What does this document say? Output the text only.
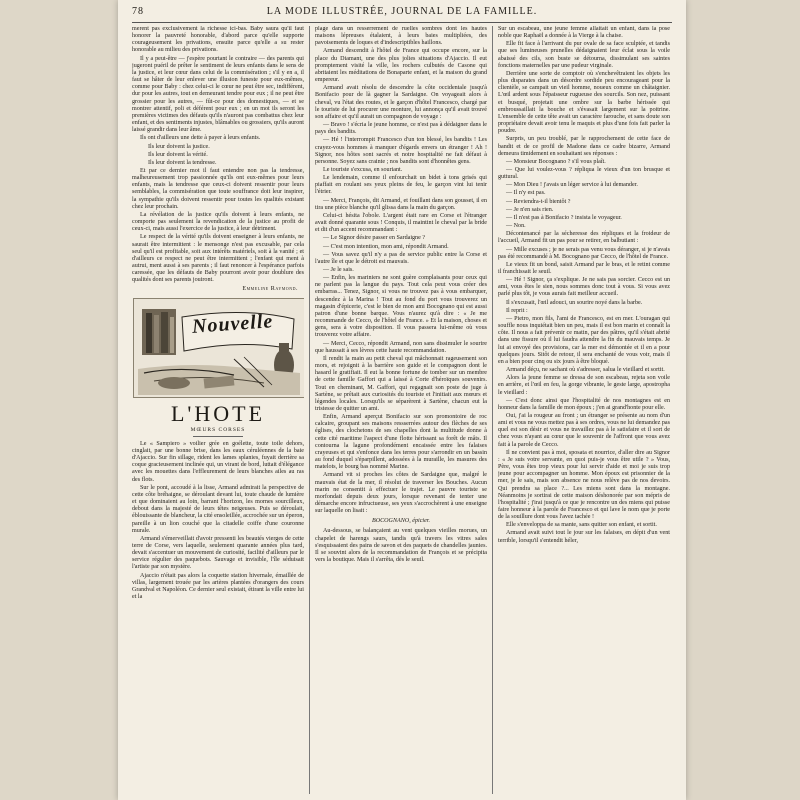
78	LA MODE ILLUSTRÉE, JOURNAL DE LA FAMILLE.

merent pas exclusivement la richesse ici-bas. Baby saura qu'il faut honorer la pauvreté honorable, d'abord parce qu'elle supporte courageusement les privations, ensuite parce qu'elle a su rester honorable au milieu des privations.

Il y a peut-être — j'espère pourtant le contraire — des parents qui jugeront puéril de prêter le sentiment de leurs enfants dans le sens de la justice, et leur cœur dans celui de la commisération ; s'il y en a, il faut se hâter de leur enlever une illusion funeste pour eux-mêmes, comme pour Baby : chez celui-ci le cœur ne peut être sec, indifférent, dur pour les autres, tout en demeurant tendre pour eux ; il ne peut être grossier pour les autres, — fût-ce pour des domestiques, — et se montrer attentif, poli et déférent pour eux ; en un mot ils seront les premières victimes des défauts qu'ils n'auront pas combattus chez leur enfant, et des sentiments injustes, blâmables ou grossiers, qu'ils auront laissé grandir dans leur âme.

Ils ont d'ailleurs une dette à payer à leurs enfants.

Ils leur doivent la justice.

Ils leur doivent la vérité.

Ils leur doivent la tendresse.

Et par ce dernier mot il faut entendre non pas la tendresse, malheureusement trop passionnée qu'ils ont eux-mêmes pour leurs enfants, mais la tendresse que ceux-ci doivent ressentir pour leurs semblables, la commisération que toute souffrance doit leur inspirer, la sympathie qu'ils doivent ressentir pour toutes les qualités existant chez leur prochain.

La révélation de la justice qu'ils doivent à leurs enfants, ne comporte pas seulement la revendication de la justice au profit de ceux-ci, mais aussi l'exercice de la justice, à leur détriment.

Le respect de la vérité qu'ils doivent enseigner à leurs enfants, ne saurait être intermittent : le mensonge n'est pas excusable, par cela seul qu'il est profitable, soit aux intérêts matériels, soit à la vanité ; et d'ailleurs ce respect ne peut être intermittent ; l'enfant qui ment à autrui, ment aussi à ses parents ; il faut renoncer à l'espérance parfois caressée, que les défauts de Baby pourront avoir pour doublure des qualités dont ses parents jouiront.

Emmeline Raymond.
Nouvelle
L'HOTE
MŒURS CORSES

Le « Sampiero » voilier grée en goélette, toute toile dehors, cinglait, par une bonne brise, dans les eaux céruléennes de la baie d'Ajaccio. Sur fin sillage, rident les lames splanies, fuyait derrière sa coque gracieusement inclinée qui, un virant de bord, luttait d'élégance avec les mouettes dans l'effleurement de leurs blanches ailes au ras des flots.

Sur le pont, accoudé à la lisse, Armand admirait la perspective de cette côte bréhaigne, se déroulant devant lui, toute chaude de lumière et que dominaient au loin, barrant l'horizon, les mornes sourcilleux, debout dans la majesté de leurs têtes neigeuses. Puis se déroulait, éblouissante de blancheur, la cité ensoleillée, accrochée sur un éperon, pareille à un lion couché que la citadelle coiffe d'une couronne murale.

Armand s'émerveillait d'avoir pressenti les beautés vierges de cette terre de Corse, vers laquelle, seulement quarante années plus tard, devait s'accentuer un mouvement de curiosité, facilité d'ailleurs par le service régulier des paquebots. Sauvage et invisible, l'île séduisait l'artiste par son mystère.

Ajaccio n'était pas alors la coquette station hivernale, émaillée de villas, largement trouée par les artères plantées d'orangers des cours Grandval et Napoléon. Ce dernier seul existait, étirant la ville entre lui et la

plage dans un resserrement de ruelles sombres dont les hautes maisons lépreuses étalaient, à leurs baies multipliées, des pavoisements de loques et d'indescriptibles haillons.

Armand descendit à l'hôtel de France qui occupe encore, sur la place du Diamant, une des plus jolies situations d'Ajaccio. Il eut promptement visité la ville, les rochers culbutés de Casone qui abritaient les méditations de Bonaparte enfant, et la maison du grand empereur.

Armand avait résolu de descendre la côte occidentale jusqu'à Bonifacio pour de là gagner la Sardaigne. On voyageait alors à cheval, vu l'état des routes, et le garçon d'hôtel Francesco, chargé par le touriste de lui procurer une monture, lui annonça qu'il avait trouvé son affaire et qu'il aurait un compagnon de voyage :

— Bravo ! s'écria le jeune homme, ce n'est pas à dédaigner dans le pays des bandits.

— Hé ! l'interrompit Francesco d'un ton blessé, les bandits ! Les crayez-vous hommes à manquer d'égards envers un étranger ! Ah ! Signor, nos hôtes sont sacrés et notre hospitalité ne fait défaut à personne. Soyez sans crainte ; nos bandits sont d'honnêtes gens.

Le touriste s'excusa, en souriant.

Le lendemain, comme il enfourchait un bidet à tons grisés qui piaffait en roulant ses yeux pleins de feu, le garçon vint lui tenir l'étrier.

— Merci, François, dit Armand, et fouillant dans son gousset, il en tira une pièce blanche qu'il glissa dans la main du garçon.

Celui-ci hésita l'obole. L'argent était rare en Corse et l'étranger avait donné quarante sous ! Conquis, il maintint le cheval par la bride et dit d'un accent recommandant :

— Le Signor désire passer en Sardaigne ?

— C'est mon intention, mon ami, répondit Armand.

— Vous savez qu'il n'y a pas de service public entre la Corse et l'autre île et que le détroit est mauvais.

— Je le sais.

— Enfin, les mariniers ne sont guère complaisants pour ceux qui ne parlent pas la langue du pays. Tout cela peut vous créer des embarras... Tenez, Signor, si vous ne trouvez pas à vous embarquer, descendez à la Marina ! Tout au fond du port vous trouverez un magasin d'épicerie, c'est le bien de mon ami Bocognano qui est aussi patron d'une bonne barque. Vous n'aurez qu'à dire : « Je me recommande de Cecco, de l'hôtel de France. » Et la maison, choses et gens, sera à votre disposition. Il vous passera lui-même où vous trouverez votre affaire.

— Merci, Cecco, répondit Armand, non sans dissimuler le sourire que haussait à ses lèvres cette haute recommandation.

Il rendit la main au petit cheval qui mâchonnait rageusement son mors, et rejoignit à la barrière son guide et le compagnon dont le hasard le gratifiait. Il eut la bonne fortune de tomber sur un membre de cette famille Gaffori qui a laissé à Corte d'héroïques souvenirs. Tout en cheminant, M. Gaffori, qui regagnait son poste de juge à Sartène, se prêtait aux curiosités du touriste et l'initiait aux mœurs et légendes locales. Lorsqu'ils se séparèrent à Sartène, chacun eut la tristesse de quitter un ami.

Enfin, Armand aperçut Bonifacio sur son promontoire de roc calcaire, groupant ses maisons ressserrées autour des flèches de ses églises, des clochetons de ses chapelles dont la multitude donne à cette cité maritime l'aspect d'une flotte hérissant sa forêt de mâts. Il contourna la lagune profondément encaissée entre les falaises crayeuses et qui s'enfonce dans les terres pour s'arrondir en un bassin au fond duquel s'éparpillent, adossées à la muraille, les masures des matelots, le bourg bas nommé Marine.

Armand vit si proches les côtes de Sardaigne que, malgré le mauvais état de la mer, il résolut de traverser les Bouches. Aucun marin ne consentit à effectuer le trajet. Le pauvre touriste se morfondait depuis deux jours, lorsque revenant de tenter une démarche encore infructueuse, ses yeux s'accrochèrent à une enseigne sur laquelle on lisait :

BOCOGNANO, épicier.

Au-dessous, se balançaient au vent quelques vieilles morues, un chapelet de harengs saurs, tandis qu'à travers les vitres sales s'esquissaient des pains de savon et des paquets de chandelles jaunies. Il se souvint alors de la recommandation de François et se précipita vers la boutique. Mais il s'arrêta, dès le seuil.

Sur un escabeau, une jeune femme allaitait un enfant, dans la pose noble que Raphaël a donnée à la Vierge à la chaise.

Elle fit face à l'arrivant du pur ovale de sa face sculptée, et tandis que ses lumineuses prunelles dédaignaient leur éclat sous la voile abaissé des cils, son buste se détourna, dissimulant ses saintes fonctions maternelles par une pudeur virginale.

Derrière une sorte de comptoir où s'enchevêtraient les objets les plus disparates dans un désordre sordide peu encourageant pour la clientèle, se campait un vieil homme, noueux comme un châtaignier. L'œil ardent sous l'épaisseur rugueuse des sourcils. Son nez, puissant et busqué, projetait une ombre sur la barbe hérissée qui embroussaillait la bouche et s'évasait largement sur la poitrine. L'ensemble de cette tête avait un caractère farouche, et sans doute son propriétaire devait avoir tenu le maquis et plus d'une fois fait parler la poudre.

Surpris, un peu troublé, par le rapprochement de cette face de bandit et de ce profil de Madone dans ce cadre bizarre, Armand demeura timidement en souhaitant ses réponses :

— Monsieur Bocognano ? s'il vous plaît.

— Que lui voulez-vous ? répliqua le vieux d'un ton brusque et guttural.

— Mon Dieu ! j'avais un léger service à lui demander.

— Il n'y est pas.

— Reviendra-t-il bientôt ?

— Je n'en sais rien.

— Il n'est pas à Bonifacio ? insista le voyageur.

— Non.

Décontenancé par la sécheresse des répliques et la froideur de l'accueil, Armand fit un pas pour se retirer, en balbutiant :

— Mille excuses ; je ne serais pas venu vous déranger, si je n'avais pas été recommandé à M. Bocognano par Cecco, de l'hôtel de France.

Le vieux fit un bond, saisit Armand par le bras, et le retint comme il franchissait le seuil.

— Hé ! Signor, ça s'explique. Je ne sais pas sorcier. Cecco est un ami, vous êtes le sien, nous sommes donc tout à vous. Si vous avez parlé plus tôt, je vous aurais fait meilleur accueil.

Il s'excusait, l'œil adouci, un sourire noyé dans la barbe.

Il reprit :

— Pietro, mon fils, l'ami de Francesco, est en mer. L'ouragan qui souffle nous inquiétait bien un peu, mais il est bon marin et connaît la côte. Il nous a fait prévenir ce matin, par des pâtres, qu'il s'était abrité dans une fissure où il lui faudra attendre la fin du mauvais temps. Je lui ai envoyé des provisions, car la mer est démontée et il en a pour quelques jours. Sitôt de retour, il sera enchanté de vous voir, mais il en a bien pour cinq ou six jours à être bloqué.

Armand déçu, ne sachant où s'adresser, salua le vieillard et sortit.

Alors la jeune femme se dressa de son escabeau, rejeta son voile en arrière, et l'œil en feu, la gorge vibrante, le geste large, apostropha le vieillard :

— C'est donc ainsi que l'hospitalité de nos montagnes est en honneur dans la famille de mon époux ; j'en ai grand'honte pour elle.

Oui, j'ai la rougeur au front ; un étranger se présente au nom d'un ami et vous ne vous mettez pas à ses ordres, vous ne lui demandez pas quel est son désir et vous ne travaillez pas à le satisfaire et il sort de chez vous n'ayant au cœur que le souvenir de l'affront que vous avez fait à la parole de Cecco.

Il ne convient pas à moi, sposata et nourrice, d'aller dire au Signor : « Je suis votre servante, en quoi puis-je vous être utile ? » Vous, Père, vous êtes trop vieux pour lui servir d'aide et moi je suis trop jeune pour accompagner un homme. Mon époux est prisonnier de la mer, je le sais, mais son absence ne nous relève pas de nos devoirs. Qui prendra sa place ?... Les miens sont dans la montagne. Néanmoins je sortirai de cette maison déshonorée par son mépris de l'hospitalité ; j'irai jusqu'à ce que je rencontre un des miens qui puisse faire honneur à la parole de Francesco et qui lave le nom que je porte de la souillure dont vous l'avez tachée !

Elle s'enveloppa de sa mante, sans quitter son enfant, et sortit.

Armand avait suivi tout le jour sur les falaises, en dépit d'un vent terrible, lorsqu'il s'entendit héler,
